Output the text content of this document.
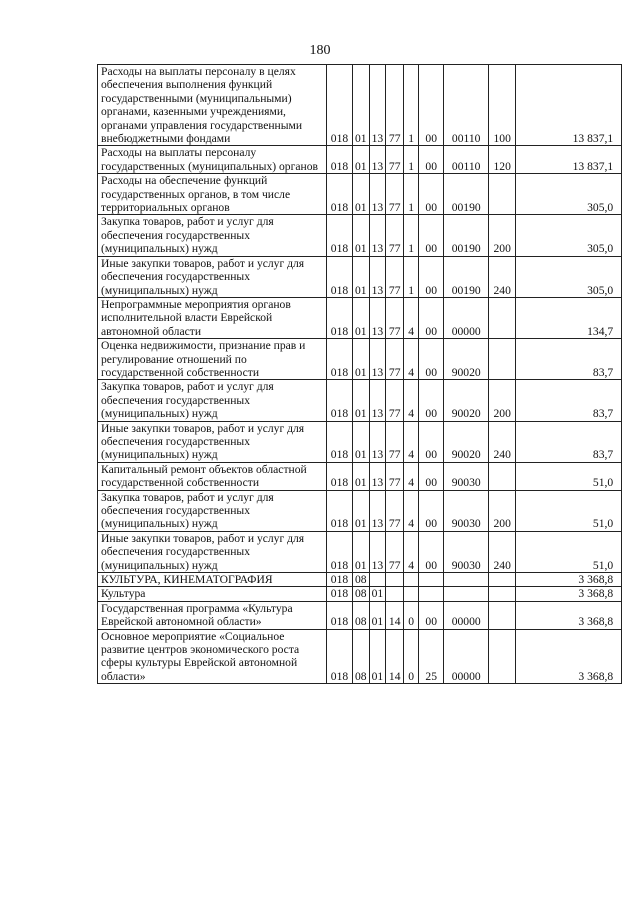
180
Расходы на выплаты персоналу в целях обеспечения выполнения функций государственными (муниципальными) органами, казенными учреждениями, органами управления государственными внебюджетными фондами	018	01	13	77	1	00	00110	100	13 837,1
Расходы на выплаты персоналу государственных (муниципальных) органов	018	01	13	77	1	00	00110	120	13 837,1
Расходы на обеспечение функций государственных органов, в том числе территориальных органов	018	01	13	77	1	00	00190		305,0
Закупка товаров, работ и услуг для обеспечения государственных (муниципальных) нужд	018	01	13	77	1	00	00190	200	305,0
Иные закупки товаров, работ и услуг для обеспечения государственных (муниципальных) нужд	018	01	13	77	1	00	00190	240	305,0
Непрограммные мероприятия органов исполнительной власти Еврейской автономной области	018	01	13	77	4	00	00000		134,7
Оценка недвижимости, признание прав и регулирование отношений по государственной собственности	018	01	13	77	4	00	90020		83,7
Закупка товаров, работ и услуг для обеспечения государственных (муниципальных) нужд	018	01	13	77	4	00	90020	200	83,7
Иные закупки товаров, работ и услуг для обеспечения государственных (муниципальных) нужд	018	01	13	77	4	00	90020	240	83,7
Капитальный ремонт объектов областной государственной собственности	018	01	13	77	4	00	90030		51,0
Закупка товаров, работ и услуг для обеспечения государственных (муниципальных) нужд	018	01	13	77	4	00	90030	200	51,0
Иные закупки товаров, работ и услуг для обеспечения государственных (муниципальных) нужд	018	01	13	77	4	00	90030	240	51,0
КУЛЬТУРА, КИНЕМАТОГРАФИЯ	018	08							3 368,8
Культура	018	08	01						3 368,8
Государственная программа «Культура Еврейской автономной области»	018	08	01	14	0	00	00000		3 368,8
Основное мероприятие «Социальное развитие центров экономического роста сферы культуры Еврейской автономной области»	018	08	01	14	0	25	00000		3 368,8
